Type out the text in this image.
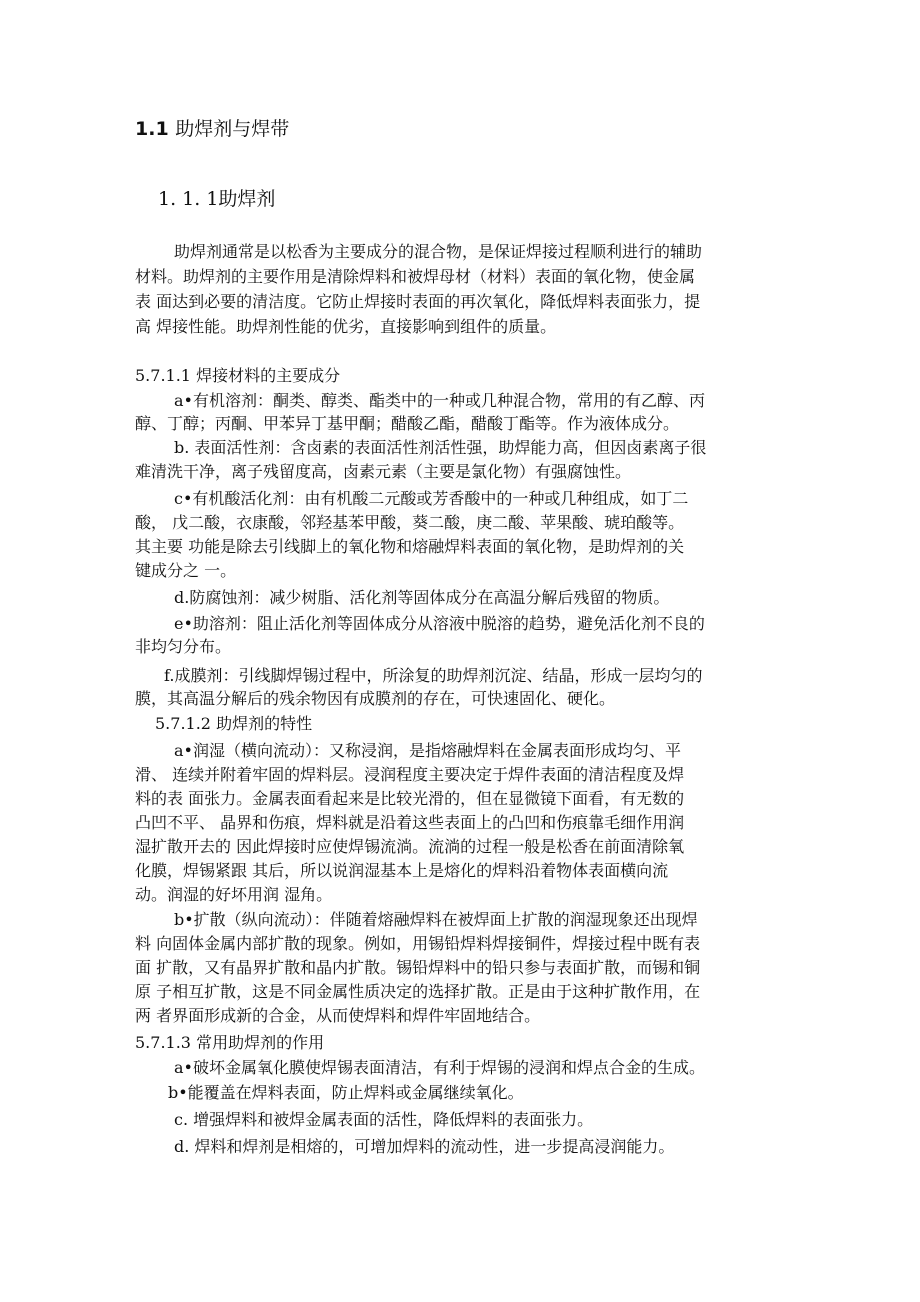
1.1 助焊剂与焊带
1. 1. 1助焊剂
助焊剂通常是以松香为主要成分的混合物，是保证焊接过程顺利进行的辅助
材料。助焊剂的主要作用是清除焊料和被焊母材（材料）表面的氧化物，使金属
表 面达到必要的清洁度。它防止焊接时表面的再次氧化，降低焊料表面张力，提
高 焊接性能。助焊剂性能的优劣，直接影响到组件的质量。
5.7.1.1 焊接材料的主要成分
a•有机溶剂：酮类、醇类、酯类中的一种或几种混合物，常用的有乙醇、丙
醇、丁醇；丙酮、甲苯异丁基甲酮；醋酸乙酯，醋酸丁酯等。作为液体成分。
b. 表面活性剂：含卤素的表面活性剂活性强，助焊能力高，但因卤素离子很
难清洗干净，离子残留度高，卤素元素（主要是氯化物）有强腐蚀性。
c•有机酸活化剂：由有机酸二元酸或芳香酸中的一种或几种组成，如丁二
酸， 戊二酸，衣康酸，邻羟基苯甲酸，葵二酸，庚二酸、苹果酸、琥珀酸等。
其主要 功能是除去引线脚上的氧化物和熔融焊料表面的氧化物，是助焊剂的关
键成分之 一。
d.防腐蚀剂：减少树脂、活化剂等固体成分在高温分解后残留的物质。
e•助溶剂：阻止活化剂等固体成分从溶液中脱溶的趋势，避免活化剂不良的
非均匀分布。
f.成膜剂：引线脚焊锡过程中，所涂复的助焊剂沉淀、结晶，形成一层均匀的
膜，其高温分解后的残余物因有成膜剂的存在，可快速固化、硬化。
5.7.1.2 助焊剂的特性
a•润湿（横向流动）：又称浸润，是指熔融焊料在金属表面形成均匀、平
滑、 连续并附着牢固的焊料层。浸润程度主要决定于焊件表面的清洁程度及焊
料的表 面张力。金属表面看起来是比较光滑的，但在显微镜下面看，有无数的
凸凹不平、 晶界和伤痕，焊料就是沿着这些表面上的凸凹和伤痕靠毛细作用润
湿扩散开去的 因此焊接时应使焊锡流淌。流淌的过程一般是松香在前面清除氧
化膜，焊锡紧跟 其后，所以说润湿基本上是熔化的焊料沿着物体表面横向流
动。润湿的好坏用润 湿角。
b•扩散（纵向流动）：伴随着熔融焊料在被焊面上扩散的润湿现象还出现焊
料 向固体金属内部扩散的现象。例如，用锡铅焊料焊接铜件，焊接过程中既有表
面 扩散，又有晶界扩散和晶内扩散。锡铅焊料中的铅只参与表面扩散，而锡和铜
原 子相互扩散，这是不同金属性质决定的选择扩散。正是由于这种扩散作用，在
两 者界面形成新的合金，从而使焊料和焊件牢固地结合。
5.7.1.3 常用助焊剂的作用
a•破坏金属氧化膜使焊锡表面清洁，有利于焊锡的浸润和焊点合金的生成。
b•能覆盖在焊料表面，防止焊料或金属继续氧化。
c. 增强焊料和被焊金属表面的活性，降低焊料的表面张力。
d. 焊料和焊剂是相熔的，可增加焊料的流动性，进一步提高浸润能力。
